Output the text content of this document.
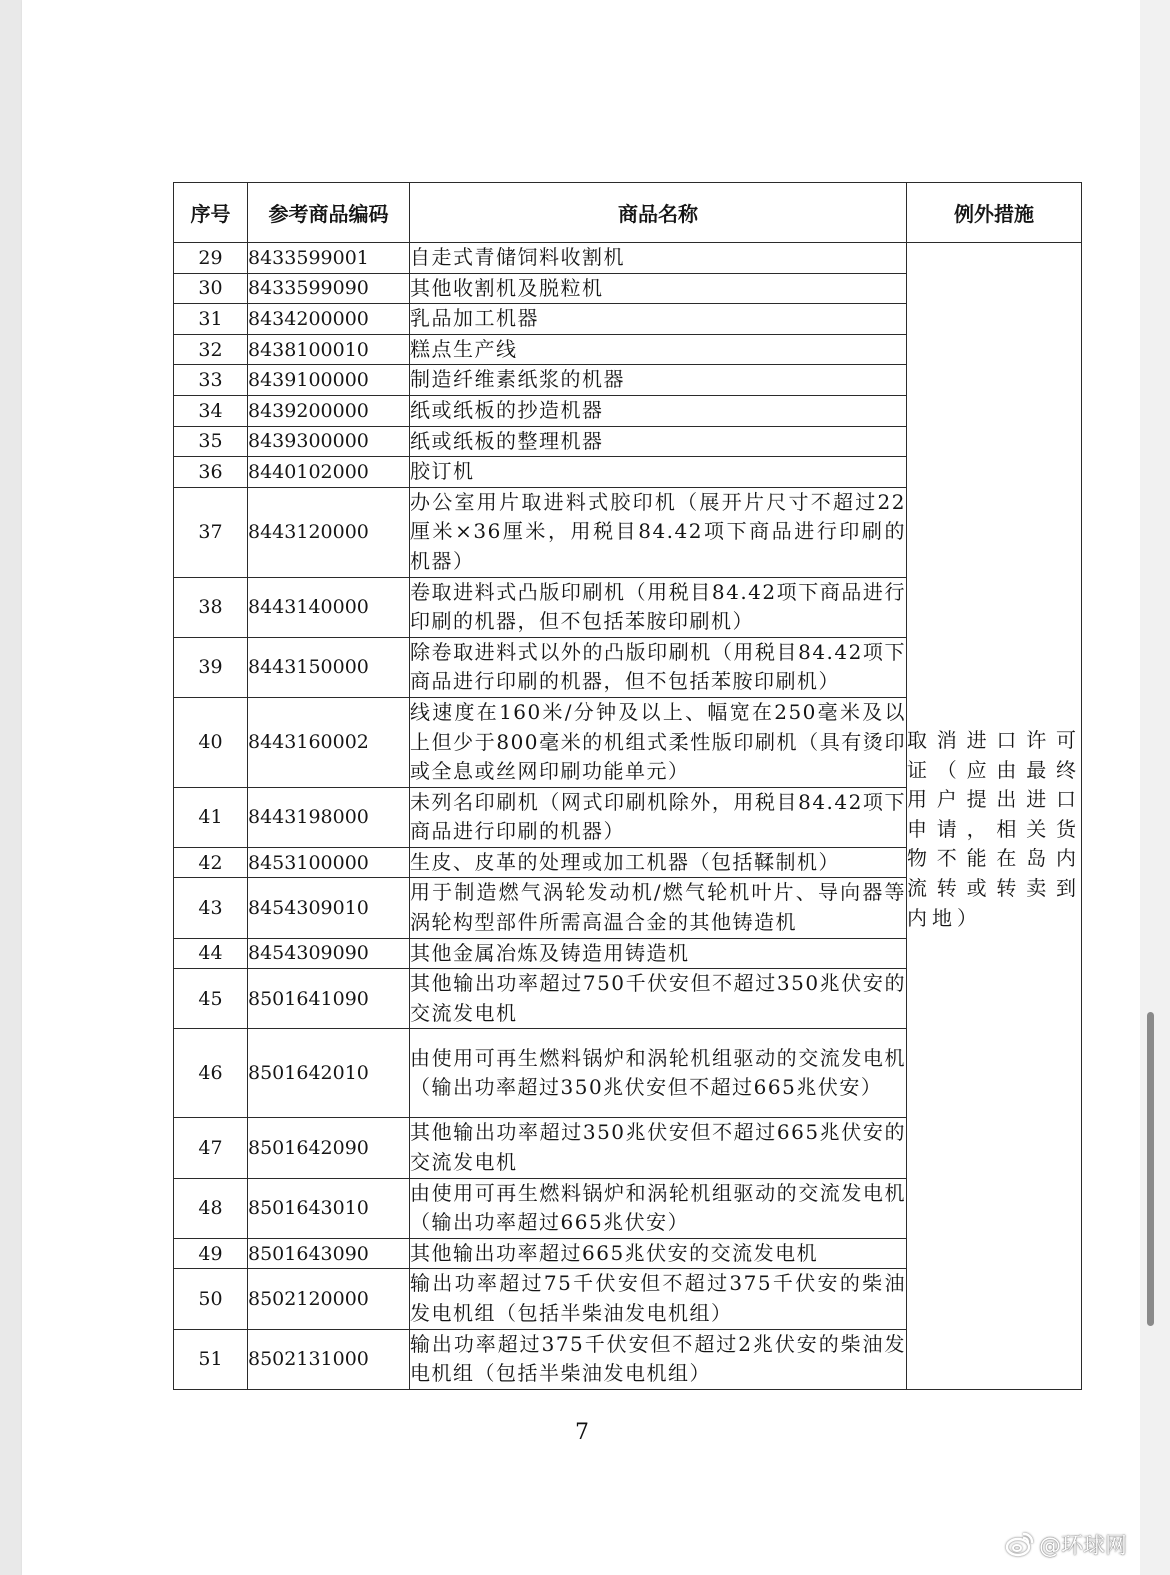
序号	参考商品编码	商品名称	例外措施
29	8433599001	自走式青储饲料收割机	取消进口许可证（应由最终用户提出进口申请，相关货物不能在岛内流转或转卖到内地）

30	8433599090	其他收割机及脱粒机	
31	8434200000	乳品加工机器	
32	8438100010	糕点生产线	
33	8439100000	制造纤维素纸浆的机器	
34	8439200000	纸或纸板的抄造机器	
35	8439300000	纸或纸板的整理机器	
36	8440102000	胶订机	
37	8443120000	办公室用片取进料式胶印机（展开片尺寸不超过22厘米×36厘米，用税目84.42项下商品进行印刷的机器）	
38	8443140000	卷取进料式凸版印刷机（用税目84.42项下商品进行印刷的机器，但不包括苯胺印刷机）	
39	8443150000	除卷取进料式以外的凸版印刷机（用税目84.42项下商品进行印刷的机器，但不包括苯胺印刷机）	
40	8443160002	线速度在160米/分钟及以上、幅宽在250毫米及以上但少于800毫米的机组式柔性版印刷机（具有烫印或全息或丝网印刷功能单元）	
41	8443198000	未列名印刷机（网式印刷机除外，用税目84.42项下商品进行印刷的机器）	
42	8453100000	生皮、皮革的处理或加工机器（包括鞣制机）	
43	8454309010	用于制造燃气涡轮发动机/燃气轮机叶片、导向器等涡轮构型部件所需高温合金的其他铸造机	
44	8454309090	其他金属冶炼及铸造用铸造机	
45	8501641090	其他输出功率超过750千伏安但不超过350兆伏安的交流发电机	
46	8501642010	由使用可再生燃料锅炉和涡轮机组驱动的交流发电机（输出功率超过350兆伏安但不超过665兆伏安）	
47	8501642090	其他输出功率超过350兆伏安但不超过665兆伏安的交流发电机	
48	8501643010	由使用可再生燃料锅炉和涡轮机组驱动的交流发电机（输出功率超过665兆伏安）	
49	8501643090	其他输出功率超过665兆伏安的交流发电机	
50	8502120000	输出功率超过75千伏安但不超过375千伏安的柴油发电机组（包括半柴油发电机组）	
51	8502131000	输出功率超过375千伏安但不超过2兆伏安的柴油发电机组（包括半柴油发电机组）	
7
@环球网
